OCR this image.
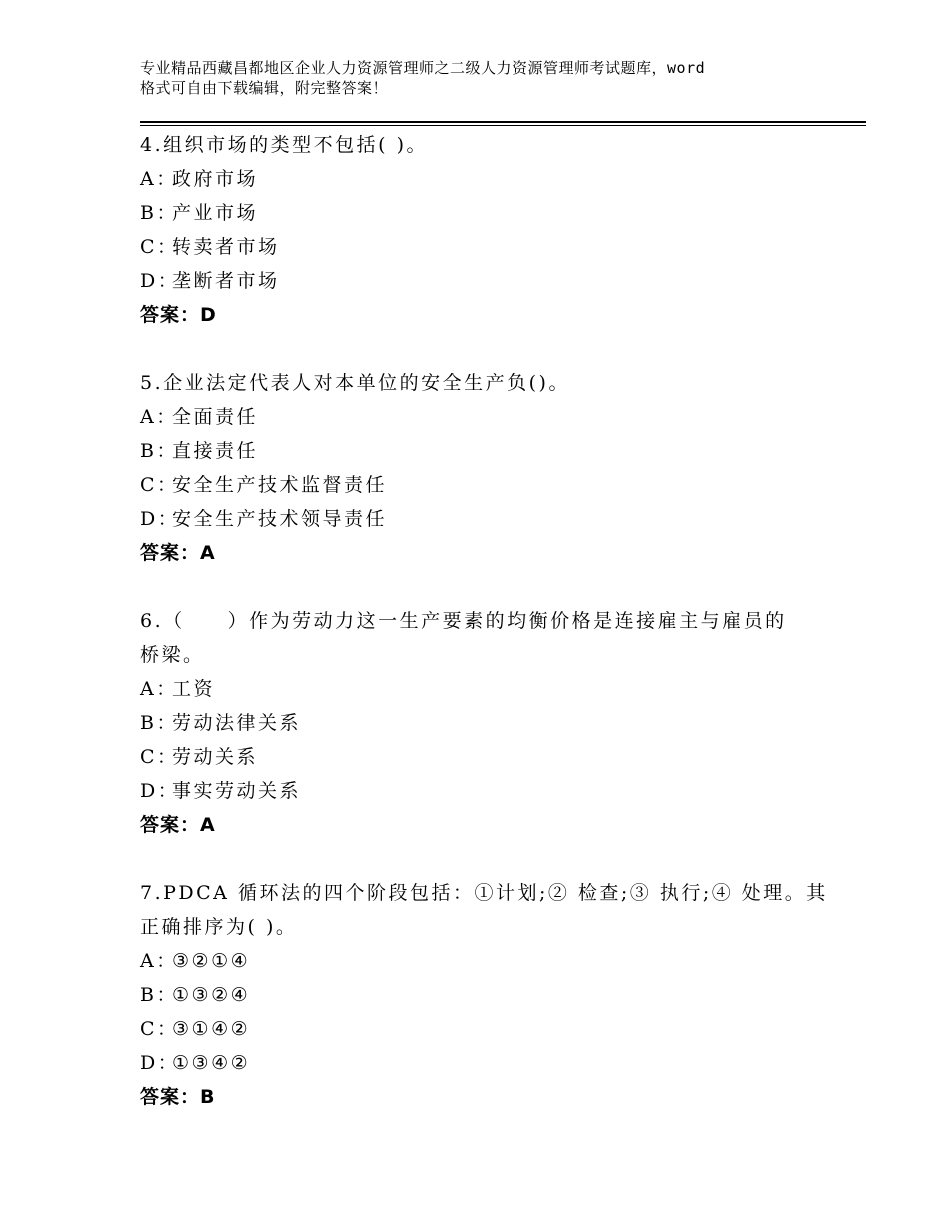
专业精品西藏昌都地区企业人力资源管理师之二级人力资源管理师考试题库，word
格式可自由下载编辑，附完整答案！
4.组织市场的类型不包括( )。
A：
政府市场
B：
产业市场
C：
转卖者市场
D：
垄断者市场
答案：D
5.企业法定代表人对本单位的安全生产负()。
A：
全面责任
B：
直接责任
C：
安全生产技术监督责任
D：
安全生产技术领导责任
答案：A
6.（　　）作为劳动力这一生产要素的均衡价格是连接雇主与雇员的
桥梁。
A：
工资
B：
劳动法律关系
C：
劳动关系
D：
事实劳动关系
答案：A
7.PDCA 循环法的四个阶段包括：①计划;② 检查;③ 执行;④ 处理。其
正确排序为( )。
A：
③②①④
B：
①③②④
C：
③①④②
D：
①③④②
答案：B
